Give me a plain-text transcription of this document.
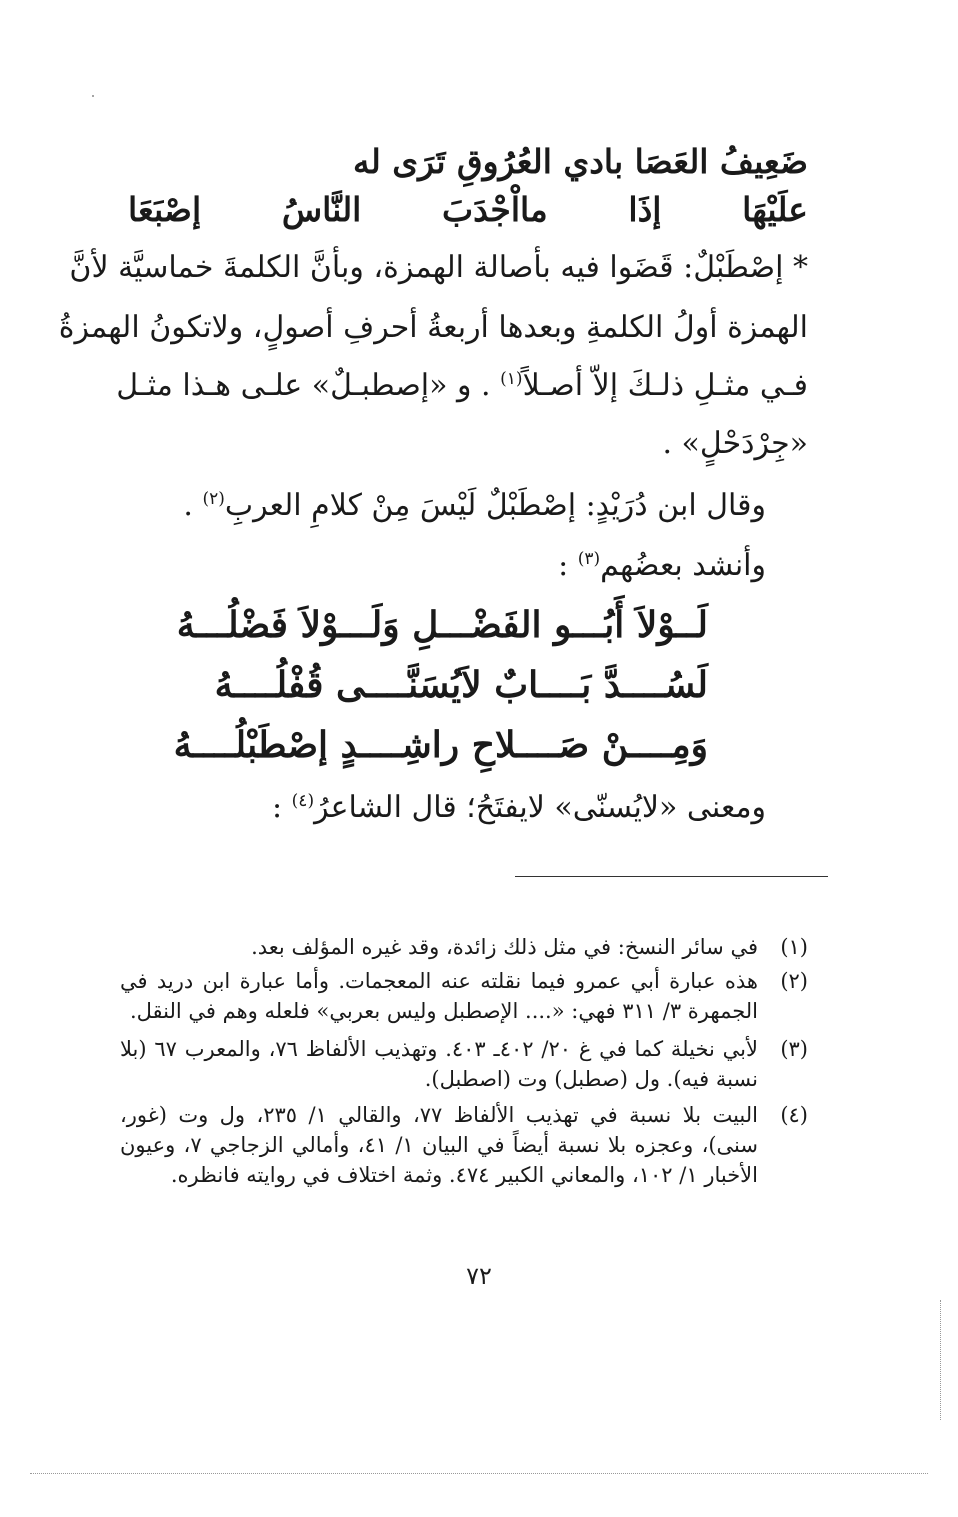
ضَعِيفُ العَصَا بادي العُرُوقِ تَرَى له
علَيْهَا إذَا مااْجْدَبَ النَّاسُ إصْبَعَا
* إصْطَبْلٌ: قَضَوا فيه بأصالة الهمزة، وبأنَّ الكلمةَ خماسيَّة لأنَّ
الهمزة أولُ الكلمةِ وبعدها أربعةُ أحرفِ أصولٍ، ولاتكونُ الهمزةُ
فـي مثـلِ ذلـكَ إلاّ أصـلاً$^{(١)}$ . و «إصطبـلٌ» علـى هـذا مثـل
«جِرْدَحْلٍ» .
وقال ابن دُرَيْدٍ: إصْطَبْلٌ لَيْسَ مِنْ كلامِ العربِ$^{(٢)}$ .
وأنشد بعضُهم$^{(٣)}$ :
لَــوْلاَ أَبُـــو الفَضْـــلِ وَلَـــوْلاَ فَضْلُـــهُ
لَسُــــدَّ بَــــابٌ لاَيُسَنَّــــى قُفْلُــــهُ
وَمِــــنْ صَــــلاحِ راشِــــدٍ إصْطَبْلُــــهُ
ومعنى «لايُسنّى» لايفتَحُ؛ قال الشاعرُ$^{(٤)}$ :
(١)
في سائر النسخ: في مثل ذلك زائدة، وقد غيره المؤلف بعد.
(٢)
هذه عبارة أبي عمرو فيما نقلته عنه المعجمات. وأما عبارة ابن دريد في الجمهرة ٣/ ٣١١ فهي: «.... الإصطبل وليس بعربي» فلعله وهم في النقل.
(٣)
لأبي نخيلة كما في غ ٢٠/ ٤٠٢ـ ٤٠٣. وتهذيب الألفاظ ٧٦، والمعرب ٦٧ (بلا نسبة فيه). ول (صطبل) وت (اصطبل).
(٤)
البيت بلا نسبة في تهذيب الألفاظ ٧٧، والقالي ١/ ٢٣٥، ول وت (غور، سنى)، وعجزه بلا نسبة أيضاً في البيان ١/ ٤١، وأمالي الزجاجي ٧، وعيون الأخبار ١/ ١٠٢، والمعاني الكبير ٤٧٤. وثمة اختلاف في روايته فانظره.
٧٢
